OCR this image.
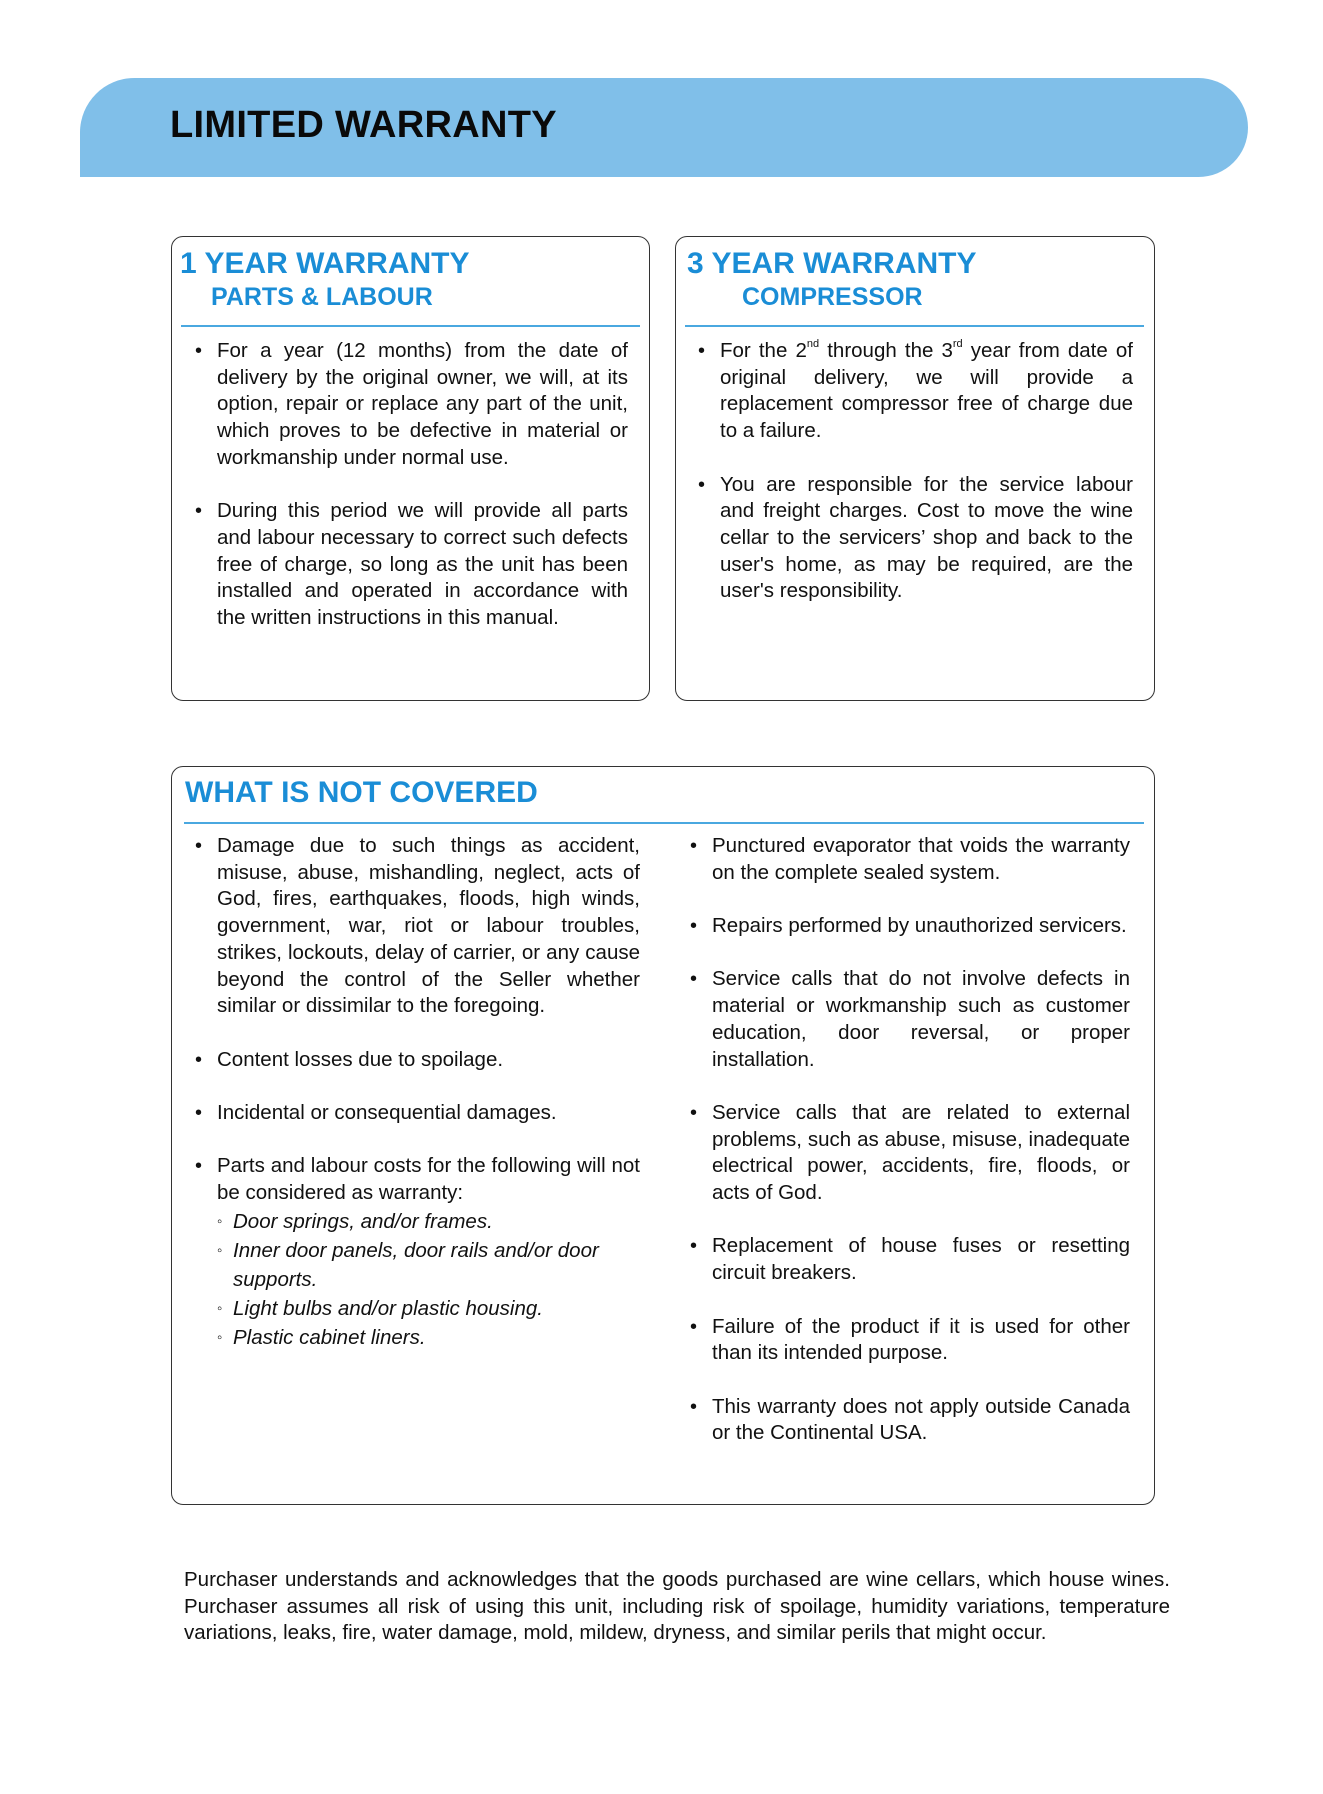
LIMITED WARRANTY
1 YEAR WARRANTY
PARTS & LABOUR
• For a year (12 months) from the date of delivery by the original owner, we will, at its option, repair or replace any part of the unit, which proves to be defective in material or workmanship under normal use.
• During this period we will provide all parts and labour necessary to correct such defects free of charge, so long as the unit has been installed and operated in accordance with the written instructions in this manual.
3 YEAR WARRANTY
COMPRESSOR
• For the 2nd through the 3rd year from date of original delivery, we will provide a replacement compressor free of charge due to a failure.
• You are responsible for the service labour and freight charges. Cost to move the wine cellar to the servicers’ shop and back to the user's home, as may be required, are the user's responsibility.
WHAT IS NOT COVERED
• Damage due to such things as accident, misuse, abuse, mishandling, neglect, acts of God, fires, earthquakes, floods, high winds, government, war, riot or labour troubles, strikes, lockouts, delay of carrier, or any cause beyond the control of the Seller whether similar or dissimilar to the foregoing.
• Content losses due to spoilage.
• Incidental or consequential damages.
• Parts and labour costs for the following will not be considered as warranty:
◦ Door springs, and/or frames.
◦ Inner door panels, door rails and/or door supports.
◦ Light bulbs and/or plastic housing.
◦ Plastic cabinet liners.
• Punctured evaporator that voids the warranty on the complete sealed system.
• Repairs performed by unauthorized servicers.
• Service calls that do not involve defects in material or workmanship such as customer education, door reversal, or proper installation.
• Service calls that are related to external problems, such as abuse, misuse, inadequate electrical power, accidents, fire, floods, or acts of God.
• Replacement of house fuses or resetting circuit breakers.
• Failure of the product if it is used for other than its intended purpose.
• This warranty does not apply outside Canada or the Continental USA.

Purchaser understands and acknowledges that the goods purchased are wine cellars, which house wines. Purchaser assumes all risk of using this unit, including risk of spoilage, humidity variations, temperature variations, leaks, fire, water damage, mold, mildew, dryness, and similar perils that might occur.
